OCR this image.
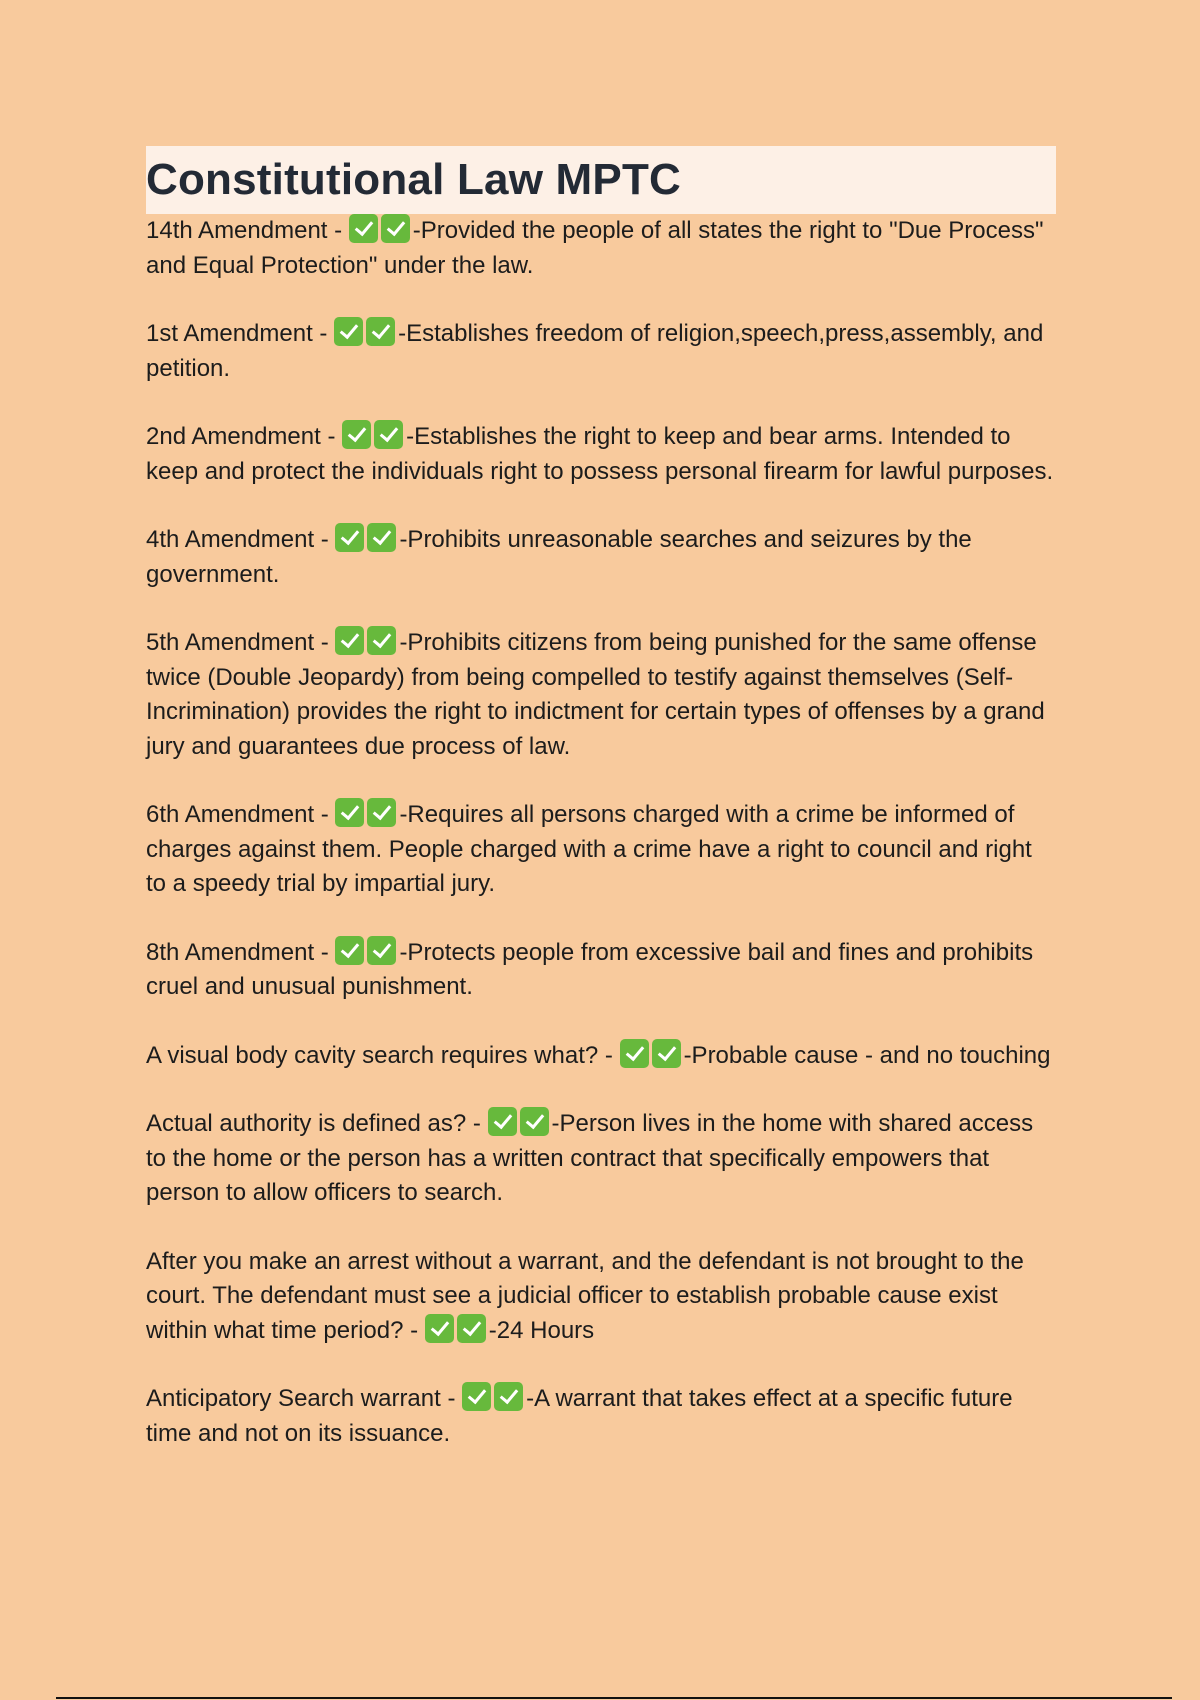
Constitutional Law MPTC

14th Amendment -	-Provided the people of all states the right to "Due Process" and Equal Protection" under the law.

1st Amendment -	-Establishes freedom of religion,speech,press,assembly, and petition.

2nd Amendment -	-Establishes the right to keep and bear arms. Intended to keep and protect the individuals right to possess personal firearm for lawful purposes.

4th Amendment -	-Prohibits unreasonable searches and seizures by the government.

5th Amendment -	-Prohibits citizens from being punished for the same offense twice (Double Jeopardy) from being compelled to testify against themselves (Self-Incrimination) provides the right to indictment for certain types of offenses by a grand jury and guarantees due process of law.

6th Amendment -	-Requires all persons charged with a crime be informed of charges against them. People charged with a crime have a right to council and right to a speedy trial by impartial jury.

8th Amendment -	-Protects people from excessive bail and fines and prohibits cruel and unusual punishment.

A visual body cavity search requires what? -	-Probable cause - and no touching

Actual authority is defined as? -	-Person lives in the home with shared access to the home or the person has a written contract that specifically empowers that person to allow officers to search.

After you make an arrest without a warrant, and the defendant is not brought to the court. The defendant must see a judicial officer to establish probable cause exist within what time period? -	-24 Hours

Anticipatory Search warrant -	-A warrant that takes effect at a specific future time and not on its issuance.
